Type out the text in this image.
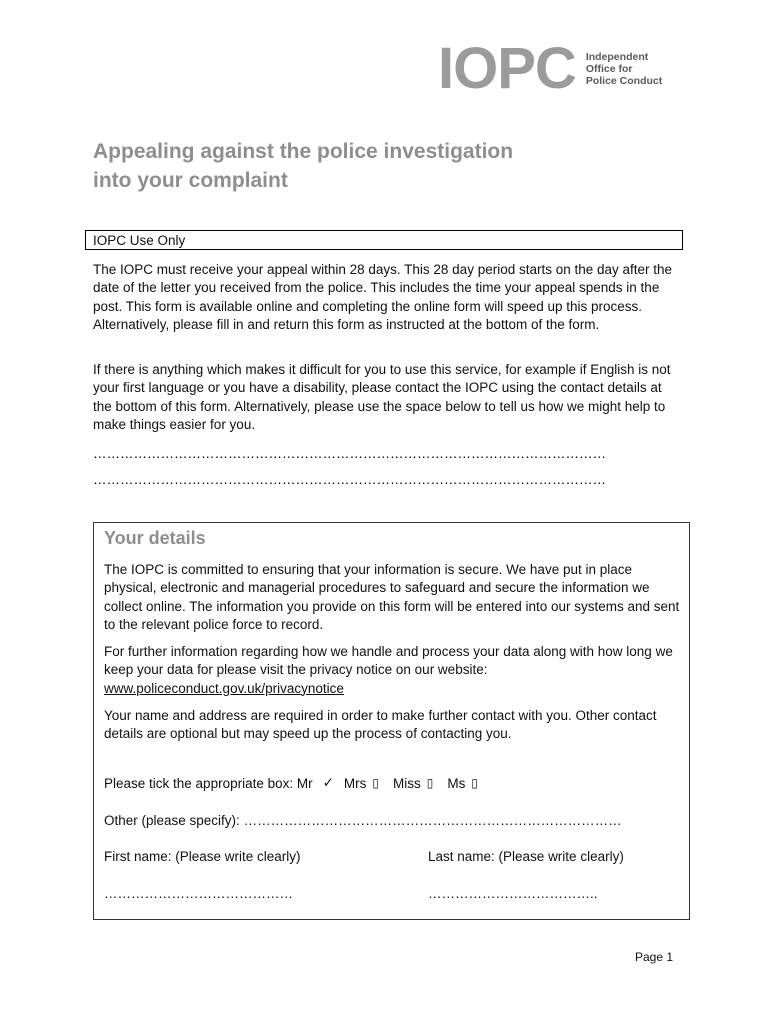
IOPC Independent
Office for
Police Conduct
Appealing against the police investigation
into your complaint
IOPC Use Only

The IOPC must receive your appeal within 28 days. This 28 day period starts on the day after the date of the letter you received from the police. This includes the time your appeal spends in the post. This form is available online and completing the online form will speed up this process. Alternatively, please fill in and return this form as instructed at the bottom of the form.

If there is anything which makes it difficult for you to use this service, for example if English is not your first language or you have a disability, please contact the IOPC using the contact details at the bottom of this form. Alternatively, please use the space below to tell us how we might help to make things easier for you.

……………………………………………………………………………………………………
……………………………………………………………………………………………………
Your details

The IOPC is committed to ensuring that your information is secure. We have put in place physical, electronic and managerial procedures to safeguard and secure the information we collect online. The information you provide on this form will be entered into our systems and sent to the relevant police force to record.

For further information regarding how we handle and process your data along with how long we keep your data for please visit the privacy notice on our website:
www.policeconduct.gov.uk/privacynotice

Your name and address are required in order to make further contact with you. Other contact details are optional but may speed up the process of contacting you.

Please tick the appropriate box: Mr ✓ Mrs ▯ Miss ▯ Ms ▯
Other (please specify): …………………………………………………………………………
First name: (Please write clearly)	Last name: (Please write clearly)
……………………………………	………………………………..
Page 1
